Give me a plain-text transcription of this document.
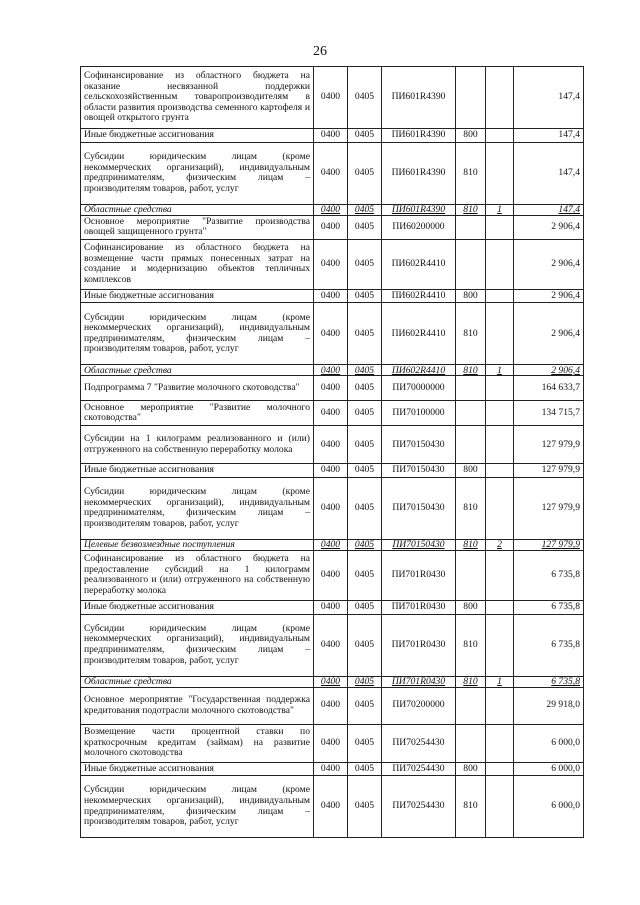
26
Софинансирование из областного бюджета на оказание несвязанной поддержки сельскохозяйственным товаропроизводителям в области развития производства семенного картофеля и овощей открытого грунта	0400	0405	ПИ601R4390			147,4
Иные бюджетные ассигнования	0400	0405	ПИ601R4390	800		147,4
Субсидии юридическим лицам (кроме некоммерческих организаций), индивидуальным предпринимателям, физическим лицам – производителям товаров, работ, услуг	0400	0405	ПИ601R4390	810		147,4
Областные средства	0400	0405	ПИ601R4390	810	1	147,4
Основное мероприятие "Развитие производства овощей защищенного грунта"	0400	0405	ПИ60200000			2 906,4
Софинансирование из областного бюджета на возмещение части прямых понесенных затрат на создание и модернизацию объектов тепличных комплексов	0400	0405	ПИ602R4410			2 906,4
Иные бюджетные ассигнования	0400	0405	ПИ602R4410	800		2 906,4
Субсидии юридическим лицам (кроме некоммерческих организаций), индивидуальным предпринимателям, физическим лицам – производителям товаров, работ, услуг	0400	0405	ПИ602R4410	810		2 906,4
Областные средства	0400	0405	ПИ602R4410	810	1	2 906,4
Подпрограмма 7 "Развитие молочного скотоводства"	0400	0405	ПИ70000000			164 633,7
Основное мероприятие "Развитие молочного скотоводства"	0400	0405	ПИ70100000			134 715,7
Субсидии на 1 килограмм реализованного и (или) отгруженного на собственную переработку молока	0400	0405	ПИ70150430			127 979,9
Иные бюджетные ассигнования	0400	0405	ПИ70150430	800		127 979,9
Субсидии юридическим лицам (кроме некоммерческих организаций), индивидуальным предпринимателям, физическим лицам – производителям товаров, работ, услуг	0400	0405	ПИ70150430	810		127 979,9
Целевые безвозмездные поступления	0400	0405	ПИ70150430	810	2	127 979,9
Софинансирование из областного бюджета на предоставление субсидий на 1 килограмм реализованного и (или) отгруженного на собственную переработку молока	0400	0405	ПИ701R0430			6 735,8
Иные бюджетные ассигнования	0400	0405	ПИ701R0430	800		6 735,8
Субсидии юридическим лицам (кроме некоммерческих организаций), индивидуальным предпринимателям, физическим лицам – производителям товаров, работ, услуг	0400	0405	ПИ701R0430	810		6 735,8
Областные средства	0400	0405	ПИ701R0430	810	1	6 735,8
Основное мероприятие "Государственная поддержка кредитования подотрасли молочного скотоводства"	0400	0405	ПИ70200000			29 918,0
Возмещение части процентной ставки по краткосрочным кредитам (займам) на развитие молочного скотоводства	0400	0405	ПИ70254430			6 000,0
Иные бюджетные ассигнования	0400	0405	ПИ70254430	800		6 000,0
Субсидии юридическим лицам (кроме некоммерческих организаций), индивидуальным предпринимателям, физическим лицам – производителям товаров, работ, услуг	0400	0405	ПИ70254430	810		6 000,0
